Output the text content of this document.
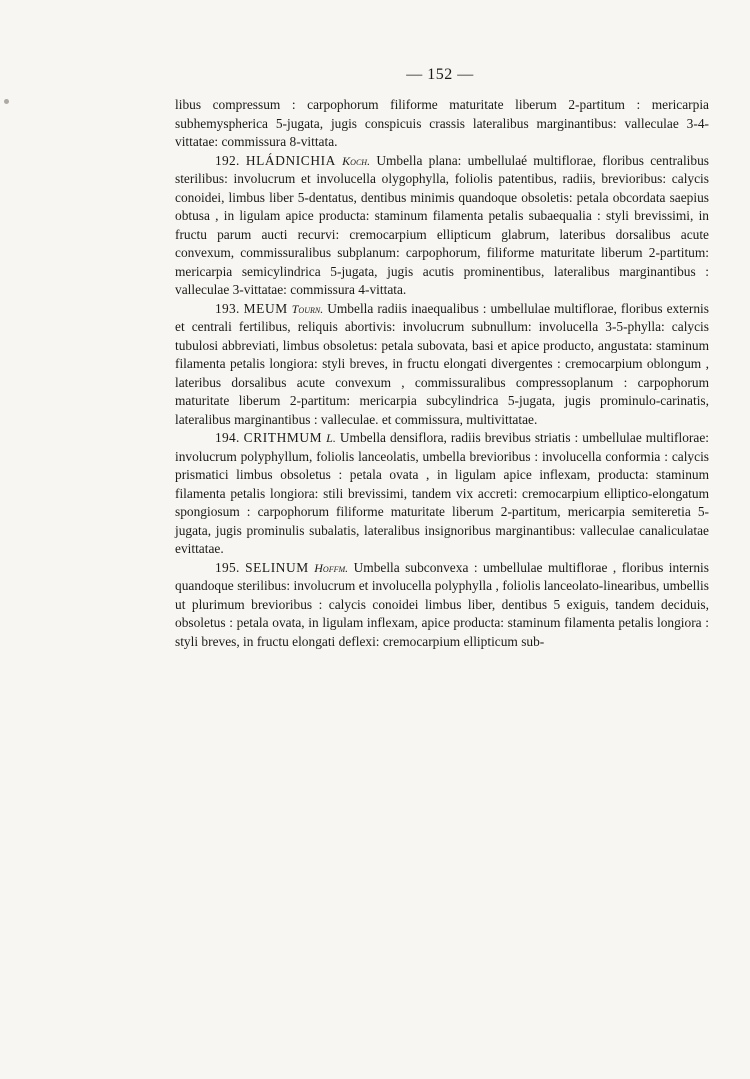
— 152 —

libus compressum : carpophorum filiforme maturitate liberum 2-partitum : mericarpia subhemysphericа 5-jugata, jugis conspicuis crassis lateralibus marginantibus: valleculae 3-4-vittatae: commissura 8-vittata.

192. HLÁDNICHIA Koch. Umbella plana: umbellulaé multiflorae, floribus centralibus sterilibus: involucrum et involucella olygophylla, foliolis patentibus, radiis, brevioribus: calycis conoidei, limbus liber 5-dentatus, dentibus minimis quandoque obsoletis: petala obcordata saepius obtusa , in ligulam apice producta: staminum filamenta petalis subaequalia : styli brevissimi, in fructu parum aucti recurvi: cremocarpium ellipticum glabrum, lateribus dorsalibus acute convexum, commissuralibus subplanum: carpophorum, filiforme maturitate liberum 2-partitum: mericarpia semicylindrica 5-jugata, jugis acutis prominentibus, lateralibus marginantibus : valleculae 3-vittatae: commissura 4-vittata.

193. MEUM Tourn. Umbella radiis inaequalibus : umbellulae multiflorae, floribus externis et centrali fertilibus, reliquis abortivis: involucrum subnullum: involucella 3-5-phylla: calycis tubulosi abbreviati, limbus obsoletus: petala subovata, basi et apice producto, angustata: staminum filamenta petalis longiora: styli breves, in fructu elongati divergentes : cremocarpium oblongum , lateribus dorsalibus acute convexum , commissuralibus compressoplanum : carpophorum maturitate liberum 2-partitum: mericarpia subcylindrica 5-jugata, jugis prominulo-carinatis, lateralibus marginantibus : valleculae. et commissura, multivittatae.

194. CRITHMUM L. Umbella densiflora, radiis brevibus striatis : umbellulae multiflorae: involucrum polyphyllum, foliolis lanceolatis, umbella brevioribus : involucella conformia : calycis prismatici limbus obsoletus : petala ovata , in ligulam apice inflexam, producta: staminum filamenta petalis longiora: stili brevissimi, tandem vix accreti: cremocarpium elliptico-elongatum spongiosum : carpophorum filiforme maturitate liberum 2-partitum, mericarpia semiteretia 5-jugata, jugis prominulis subalatis, lateralibus insignoribus marginantibus: valleculae canaliculatae evittatae.

195. SELINUM Hoffm. Umbella subconvexa : umbellulae multiflorae , floribus internis quandoque sterilibus: involucrum et involucella polyphylla , foliolis lanceolato-linearibus, umbellis ut plurimum brevioribus : calycis conoidei limbus liber, dentibus 5 exiguis, tandem deciduis, obsoletus : petala ovata, in ligulam inflexam, apice producta: staminum filamenta petalis longiora : styli breves, in fructu elongati deflexi: cremocarpium ellipticum sub-
